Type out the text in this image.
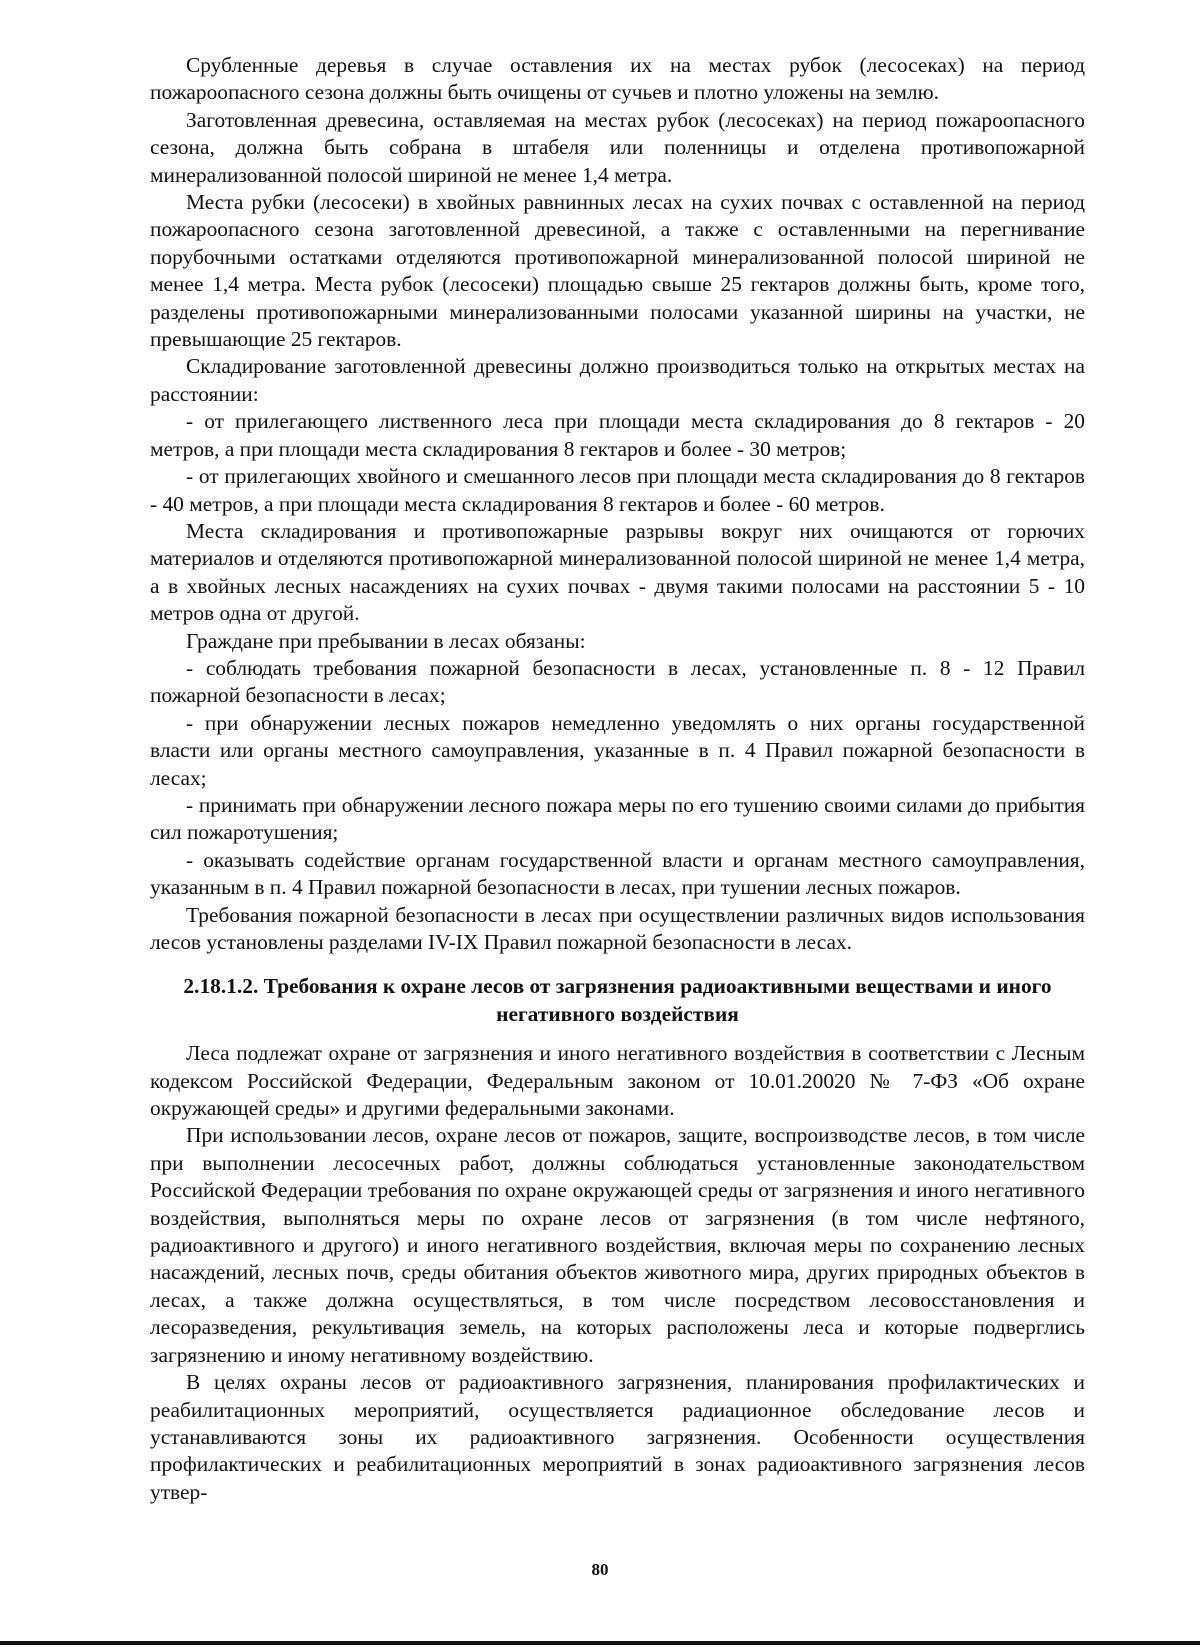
Срубленные деревья в случае оставления их на местах рубок (лесосеках) на период пожароопасного сезона должны быть очищены от сучьев и плотно уложены на землю.

Заготовленная древесина, оставляемая на местах рубок (лесосеках) на период пожароопасного сезона, должна быть собрана в штабеля или поленницы и отделена противопожарной минерализованной полосой шириной не менее 1,4 метра.

Места рубки (лесосеки) в хвойных равнинных лесах на сухих почвах с оставленной на период пожароопасного сезона заготовленной древесиной, а также с оставленными на перегнивание порубочными остатками отделяются противопожарной минерализованной полосой шириной не менее 1,4 метра. Места рубок (лесосеки) площадью свыше 25 гектаров должны быть, кроме того, разделены противопожарными минерализованными полосами указанной ширины на участки, не превышающие 25 гектаров.

Складирование заготовленной древесины должно производиться только на открытых местах на расстоянии:

- от прилегающего лиственного леса при площади места складирования до 8 гектаров - 20 метров, а при площади места складирования 8 гектаров и более - 30 метров;

- от прилегающих хвойного и смешанного лесов при площади места складирования до 8 гектаров - 40 метров, а при площади места складирования 8 гектаров и более - 60 метров.

Места складирования и противопожарные разрывы вокруг них очищаются от горючих материалов и отделяются противопожарной минерализованной полосой шириной не менее 1,4 метра, а в хвойных лесных насаждениях на сухих почвах - двумя такими полосами на расстоянии 5 - 10 метров одна от другой.

Граждане при пребывании в лесах обязаны:

- соблюдать требования пожарной безопасности в лесах, установленные п. 8 - 12 Правил пожарной безопасности в лесах;

- при обнаружении лесных пожаров немедленно уведомлять о них органы государственной власти или органы местного самоуправления, указанные в п. 4 Правил пожарной безопасности в лесах;

- принимать при обнаружении лесного пожара меры по его тушению своими силами до прибытия сил пожаротушения;

- оказывать содействие органам государственной власти и органам местного самоуправления, указанным в п. 4 Правил пожарной безопасности в лесах, при тушении лесных пожаров.

Требования пожарной безопасности в лесах при осуществлении различных видов использования лесов установлены разделами IV-IX Правил пожарной безопасности в лесах.

2.18.1.2. Требования к охране лесов от загрязнения радиоактивными веществами и иного негативного воздействия

Леса подлежат охране от загрязнения и иного негативного воздействия в соответствии с Лесным кодексом Российской Федерации, Федеральным законом от 10.01.20020 № 7-ФЗ «Об охране окружающей среды» и другими федеральными законами.

При использовании лесов, охране лесов от пожаров, защите, воспроизводстве лесов, в том числе при выполнении лесосечных работ, должны соблюдаться установленные законодательством Российской Федерации требования по охране окружающей среды от загрязнения и иного негативного воздействия, выполняться меры по охране лесов от загрязнения (в том числе нефтяного, радиоактивного и другого) и иного негативного воздействия, включая меры по сохранению лесных насаждений, лесных почв, среды обитания объектов животного мира, других природных объектов в лесах, а также должна осуществляться, в том числе посредством лесовосстановления и лесоразведения, рекультивация земель, на которых расположены леса и которые подверглись загрязнению и иному негативному воздействию.

В целях охраны лесов от радиоактивного загрязнения, планирования профилактических и реабилитационных мероприятий, осуществляется радиационное обследование лесов и устанавливаются зоны их радиоактивного загрязнения. Особенности осуществления профилактических и реабилитационных мероприятий в зонах радиоактивного загрязнения лесов утвер-

80
